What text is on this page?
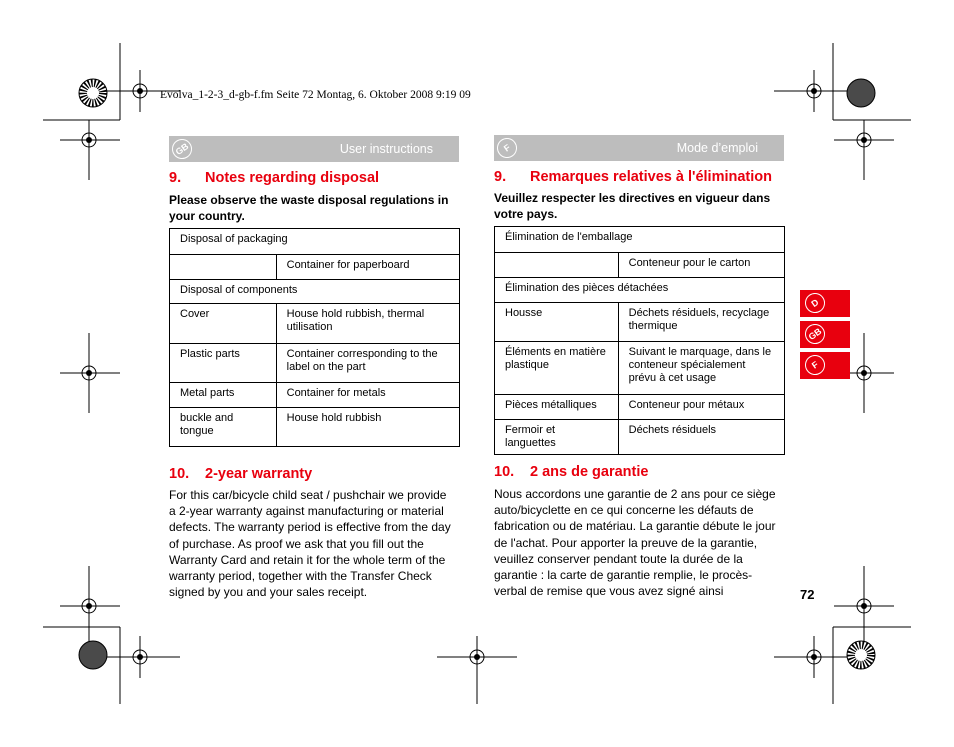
Evolva_1-2-3_d-gb-f.fm Seite 72 Montag, 6. Oktober 2008 9:19 09
GB	User instructions
9. Notes regarding disposal
Please observe the waste disposal regulations in your country.
Disposal of packaging	
	Container for paperboard
Disposal of components	
Cover	House hold rubbish, thermal utilisation
Plastic parts	Container corresponding to the label on the part
Metal parts	Container for metals
buckle and tongue	House hold rubbish
10. 2-year warranty
For this car/bicycle child seat / pushchair we provide a 2-year warranty against manufacturing or material defects. The warranty period is effective from the day of purchase. As proof we ask that you fill out the Warranty Card and retain it for the whole term of the warranty period, together with the Transfer Check signed by you and your sales receipt.
F	Mode d’emploi
9. Remarques relatives à l'élimination
Veuillez respecter les directives en vigueur dans votre pays.
Élimination de l'emballage	
	Conteneur pour le carton
Élimination des pièces détachées	
Housse	Déchets résiduels, recyclage thermique
Éléments en matière plastique	Suivant le marquage, dans le conteneur spécialement prévu à cet usage
Pièces métalliques	Conteneur pour métaux
Fermoir et languettes	Déchets résiduels
10. 2 ans de garantie
Nous accordons une garantie de 2 ans pour ce siège auto/bicyclette en ce qui concerne les défauts de fabrication ou de matériau. La garantie débute le jour de l'achat. Pour apporter la preuve de la garantie, veuillez conserver pendant toute la durée de la garantie : la carte de garantie remplie, le procès-verbal de remise que vous avez signé ainsi
D
GB
F
72
